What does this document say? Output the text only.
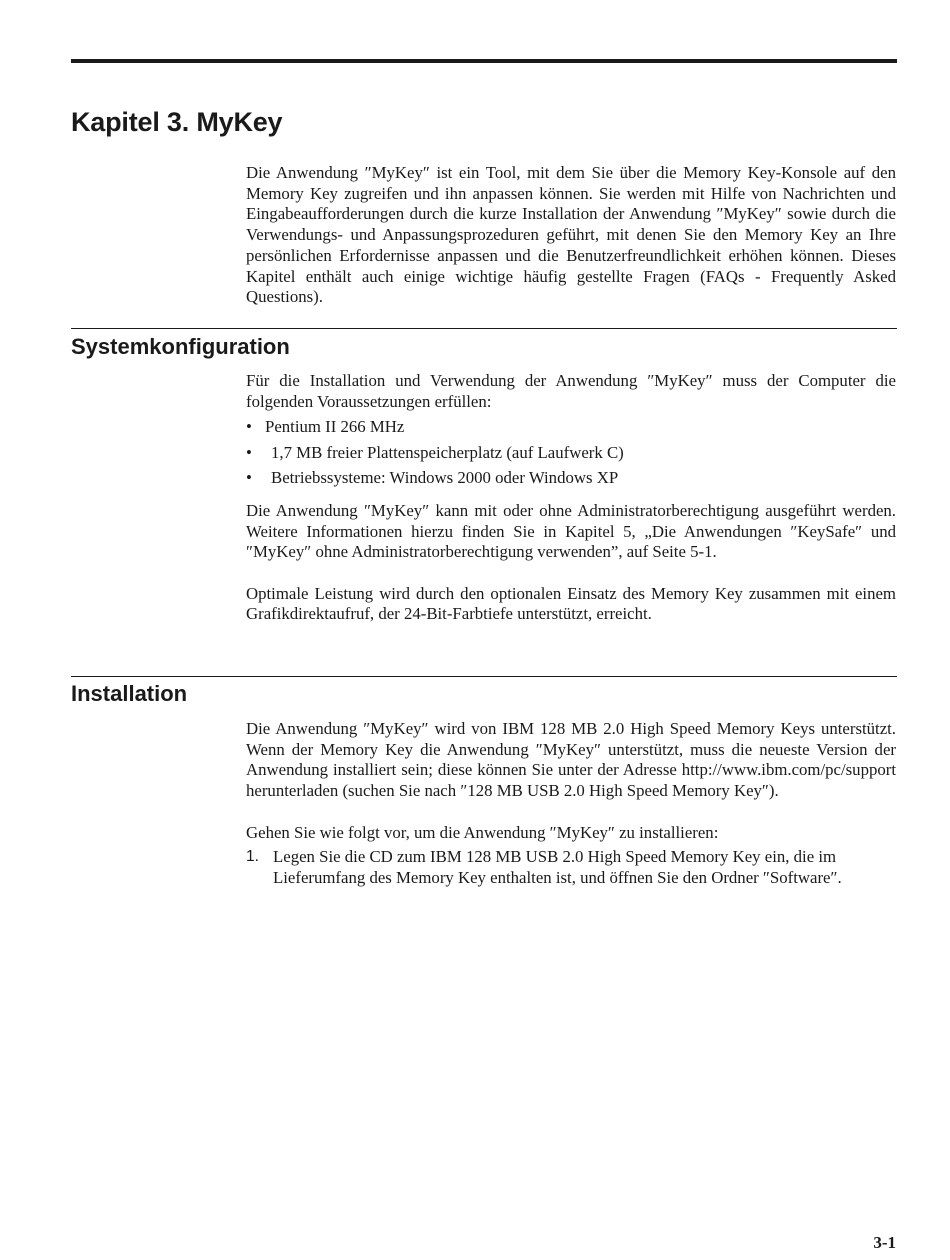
Kapitel 3. MyKey

Die Anwendung ″MyKey″ ist ein Tool, mit dem Sie über die Memory Key-Konsole auf den Memory Key zugreifen und ihn anpassen können. Sie werden mit Hilfe von Nachrichten und Eingabeaufforderungen durch die kurze Installation der Anwendung ″MyKey″ sowie durch die Verwendungs- und Anpassungsprozeduren geführt, mit denen Sie den Memory Key an Ihre persönlichen Erfordernisse anpassen und die Benutzerfreundlichkeit erhöhen können. Dieses Kapitel enthält auch einige wichtige häufig gestellte Fragen (FAQs - Frequently Asked Questions).

Systemkonfiguration

Für die Installation und Verwendung der Anwendung ″MyKey″ muss der Computer die folgenden Voraussetzungen erfüllen:

• Pentium II 266 MHz
• 1,7 MB freier Plattenspeicherplatz (auf Laufwerk C)
• Betriebssysteme: Windows 2000 oder Windows XP

Die Anwendung ″MyKey″ kann mit oder ohne Administratorberechtigung ausgeführt werden. Weitere Informationen hierzu finden Sie in Kapitel 5, „Die Anwendungen ″KeySafe″ und ″MyKey″ ohne Administratorberechtigung verwenden”, auf Seite 5-1.

Optimale Leistung wird durch den optionalen Einsatz des Memory Key zusammen mit einem Grafikdirektaufruf, der 24-Bit-Farbtiefe unterstützt, erreicht.

Installation

Die Anwendung ″MyKey″ wird von IBM 128 MB 2.0 High Speed Memory Keys unterstützt. Wenn der Memory Key die Anwendung ″MyKey″ unterstützt, muss die neueste Version der Anwendung installiert sein; diese können Sie unter der Adresse http://www.ibm.com/pc/support herunterladen (suchen Sie nach ″128 MB USB 2.0 High Speed Memory Key″).

Gehen Sie wie folgt vor, um die Anwendung ″MyKey″ zu installieren:

1. Legen Sie die CD zum IBM 128 MB USB 2.0 High Speed Memory Key ein, die im Lieferumfang des Memory Key enthalten ist, und öffnen Sie den Ordner ″Software″.
3-1
